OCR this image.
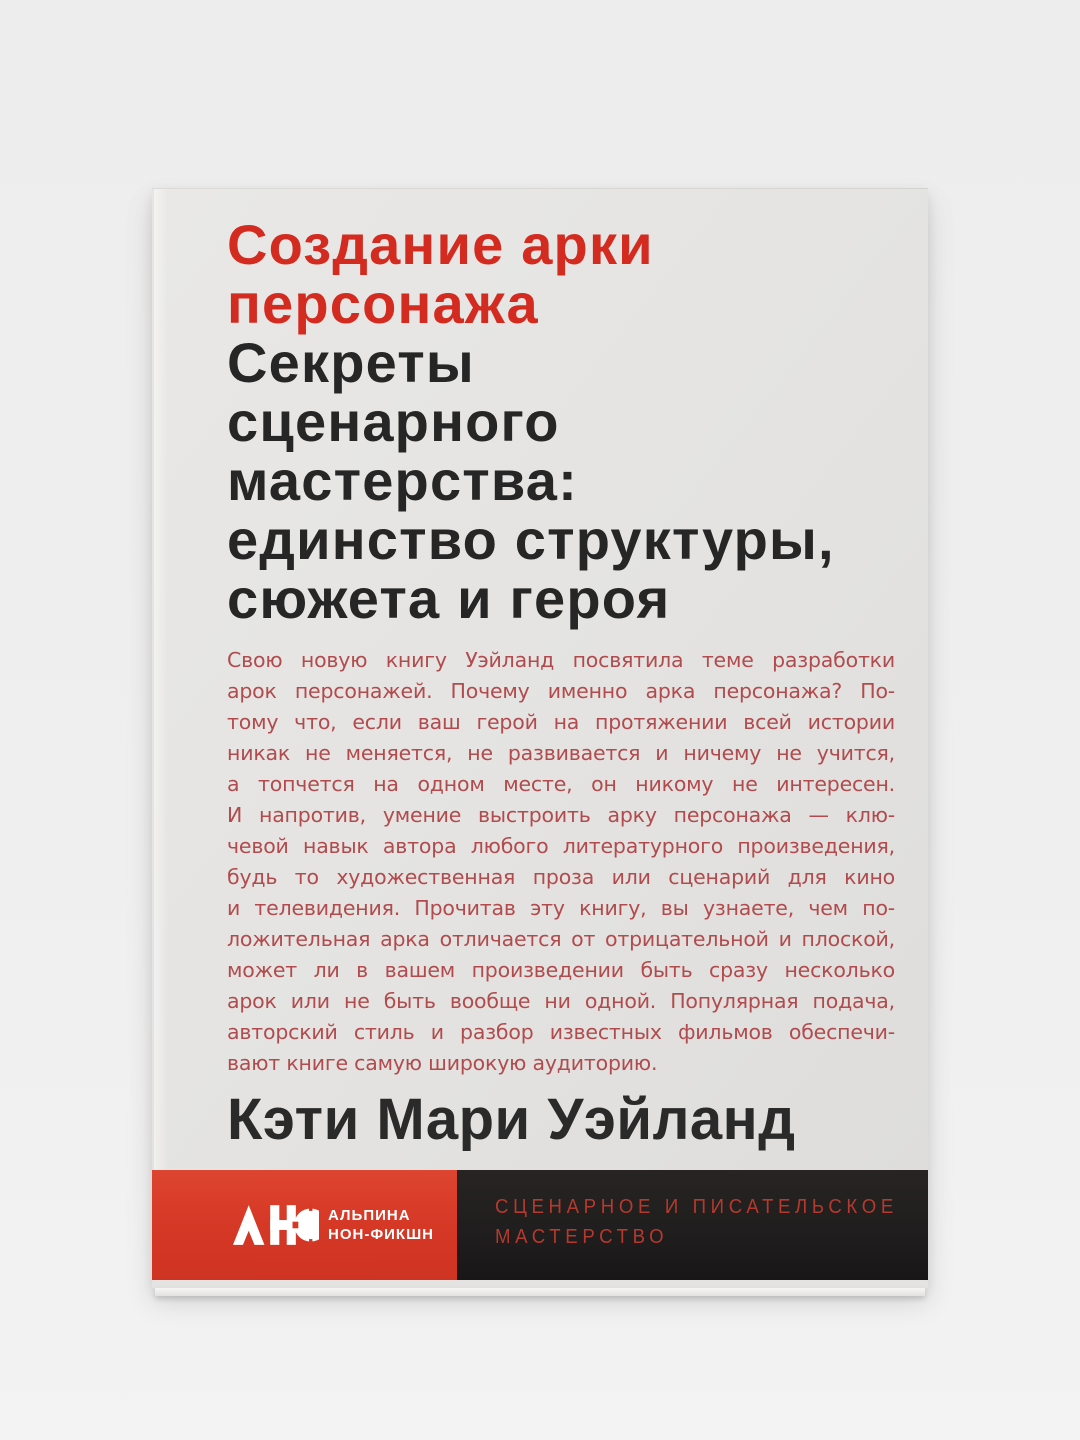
Создание арки
персонажа
Секреты
сценарного
мастерства:
единство структуры,
сюжета и героя
Свою новую книгу Уэйланд посвятила теме разработки
арок персонажей. Почему именно арка персонажа? По-
тому что, если ваш герой на протяжении всей истории
никак не меняется, не развивается и ничему не учится,
а топчется на одном месте, он никому не интересен.
И напротив, умение выстроить арку персонажа — клю-
чевой навык автора любого литературного произведения,
будь то художественная проза или сценарий для кино
и телевидения. Прочитав эту книгу, вы узнаете, чем по-
ложительная арка отличается от отрицательной и плоской,
может ли в вашем произведении быть сразу несколько
арок или не быть вообще ни одной. Популярная подача,
авторский стиль и разбор известных фильмов обеспечи-
вают книге самую широкую аудиторию.
Кэти Мари Уэйланд
АЛЬПИНА
НОН-ФИКШН
СЦЕНАРНОЕ И ПИСАТЕЛЬСКОЕ
МАСТЕРСТВО
